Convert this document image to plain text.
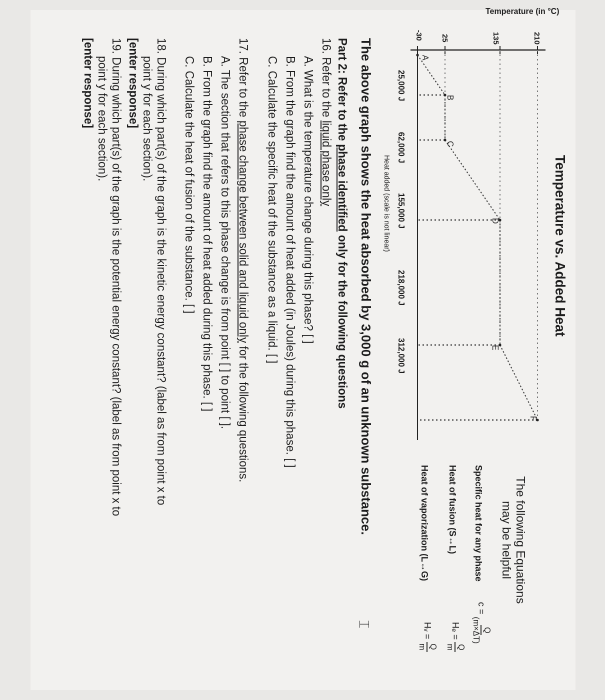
Temperature vs. Added Heat
Temperature (in °C)
210
135
25
-30
A
B
C
D
E
F
25,000 J
62,000 J
155,000 J
218,000 J
312,000 J
Heat added (scale is not linear)
The following Equations may be helpful
Specific heat for any phase
c =
Q
(m×ΔT)
Heat of fusion (S↔L)
Hₑ =
Q
m
Heat of vaporization (L↔G)
Hᵥ =
Q
m
⌶
The above graph shows the heat absorbed by 3,000 g of an unknown substance.
Part 2: Refer to the phase identified only for the following questions
16. Refer to the liquid phase only
A. What is the temperature change during this phase? [ ]
B. From the graph find the amount of heat added (in Joules) during this phase. [ ]
C. Calculate the specific heat of the substance as a liquid. [ ]
17. Refer to the phase change between solid and liquid only for the following questions.
A. The section that refers to this phase change is from point [ ] to point [ ].
B. From the graph find the amount of heat added during this phase. [ ]
C. Calculate the heat of fusion of the substance. [ ]
18. During which part(s) of the graph is the kinetic energy constant? (label as from point x to
point y for each section).
[enter response]
19. During which part(s) of the graph is the potential energy constant? (label as from point x to
point y for each section).
[enter response]
